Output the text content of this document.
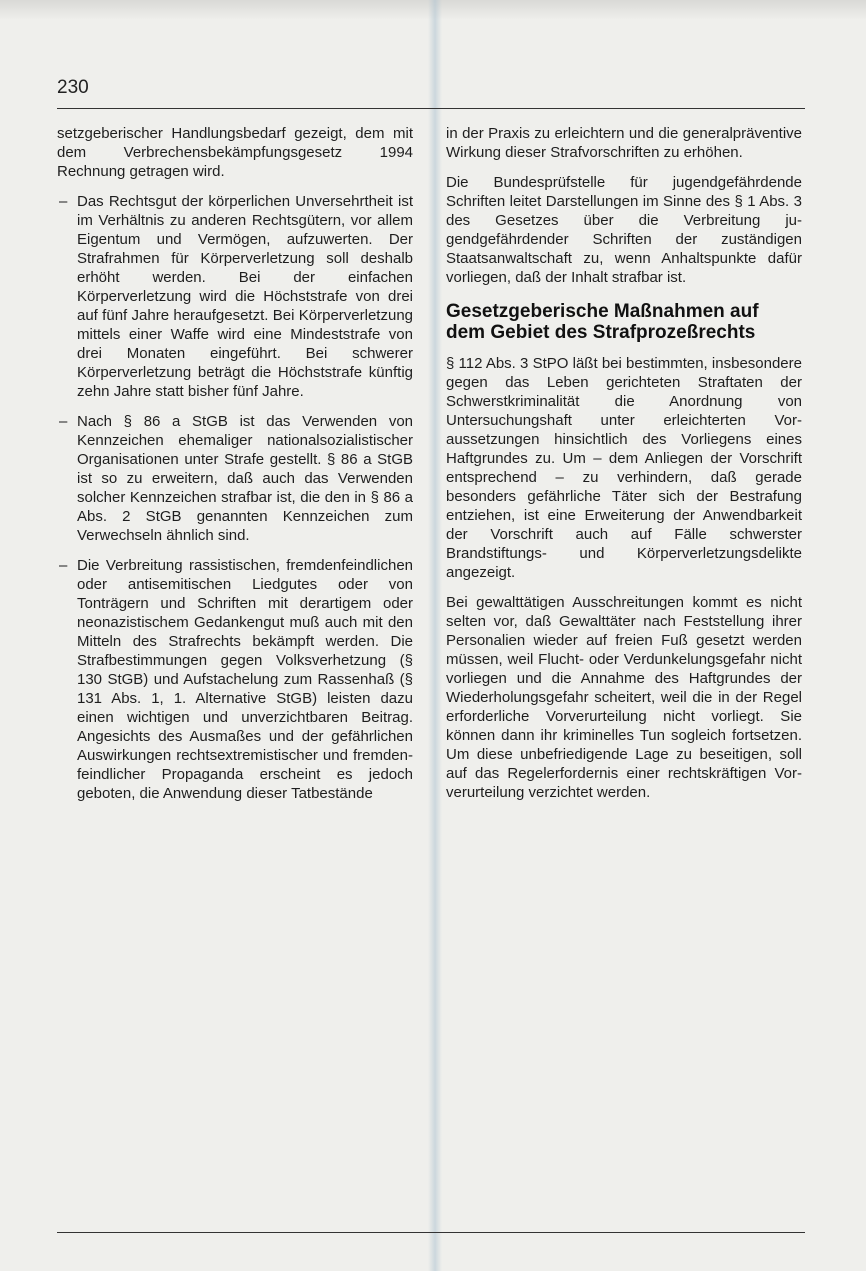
230

setzgeberischer Handlungsbedarf gezeigt, dem mit dem Verbrechensbekämpfungsgesetz 1994 Rechnung getragen wird.

– Das Rechtsgut der körperlichen Unversehrtheit ist im Verhältnis zu anderen Rechtsgütern, vor allem Eigentum und Vermögen, aufzuwerten. Der Strafrahmen für Körperverletzung soll deshalb erhöht werden. Bei der einfachen Körperverletzung wird die Höchststrafe von drei auf fünf Jahre heraufgesetzt. Bei Körperverletzung mittels einer Waffe wird eine Mindeststrafe von drei Monaten eingeführt. Bei schwerer Körperverletzung beträgt die Höchststrafe künftig zehn Jahre statt bisher fünf Jahre.
– Nach § 86 a StGB ist das Verwenden von Kennzeichen ehemaliger nationalsozialistischer Organisationen unter Strafe gestellt. § 86 a StGB ist so zu erweitern, daß auch das Verwenden solcher Kennzeichen strafbar ist, die den in § 86 a Abs. 2 StGB genannten Kennzeichen zum Verwechseln ähnlich sind.
– Die Verbreitung rassistischen, fremdenfeindlichen oder antisemitischen Liedgutes oder von Tonträgern und Schriften mit derartigem oder neonazistischem Gedankengut muß auch mit den Mitteln des Strafrechts bekämpft werden. Die Strafbestimmungen gegen Volksverhetzung (§ 130 StGB) und Aufstachelung zum Rassenhaß (§ 131 Abs. 1, 1. Alternative StGB) leisten dazu einen wichtigen und unverzichtbaren Beitrag. Angesichts des Ausmaßes und der gefährlichen Auswirkungen rechtsextremistischer und fremdenfeindlicher Propaganda erscheint es jedoch geboten, die Anwendung dieser Tatbestände

in der Praxis zu erleichtern und die generalpräventive Wirkung dieser Strafvorschriften zu erhöhen.

Die Bundesprüfstelle für jugendgefährdende Schriften leitet Darstellungen im Sinne des § 1 Abs. 3 des Gesetzes über die Verbreitung jugendgefährdender Schriften der zuständigen Staatsanwaltschaft zu, wenn Anhaltspunkte dafür vorliegen, daß der Inhalt strafbar ist.

Gesetzgeberische Maßnahmen auf dem Gebiet des Strafprozeßrechts

§ 112 Abs. 3 StPO läßt bei bestimmten, insbesondere gegen das Leben gerichteten Straftaten der Schwerstkriminalität die Anordnung von Untersuchungshaft unter erleichterten Voraussetzungen hinsichtlich des Vorliegens eines Haftgrundes zu. Um – dem Anliegen der Vorschrift entsprechend – zu verhindern, daß gerade besonders gefährliche Täter sich der Bestrafung entziehen, ist eine Erweiterung der Anwendbarkeit der Vorschrift auch auf Fälle schwerster Brandstiftungs- und Körperverletzungsdelikte angezeigt.

Bei gewalttätigen Ausschreitungen kommt es nicht selten vor, daß Gewalttäter nach Feststellung ihrer Personalien wieder auf freien Fuß gesetzt werden müssen, weil Flucht- oder Verdunkelungsgefahr nicht vorliegen und die Annahme des Haftgrundes der Wiederholungsgefahr scheitert, weil die in der Regel erforderliche Vorverurteilung nicht vorliegt. Sie können dann ihr kriminelles Tun sogleich fortsetzen. Um diese unbefriedigende Lage zu beseitigen, soll auf das Regelerfordernis einer rechtskräftigen Vorverurteilung verzichtet werden.
